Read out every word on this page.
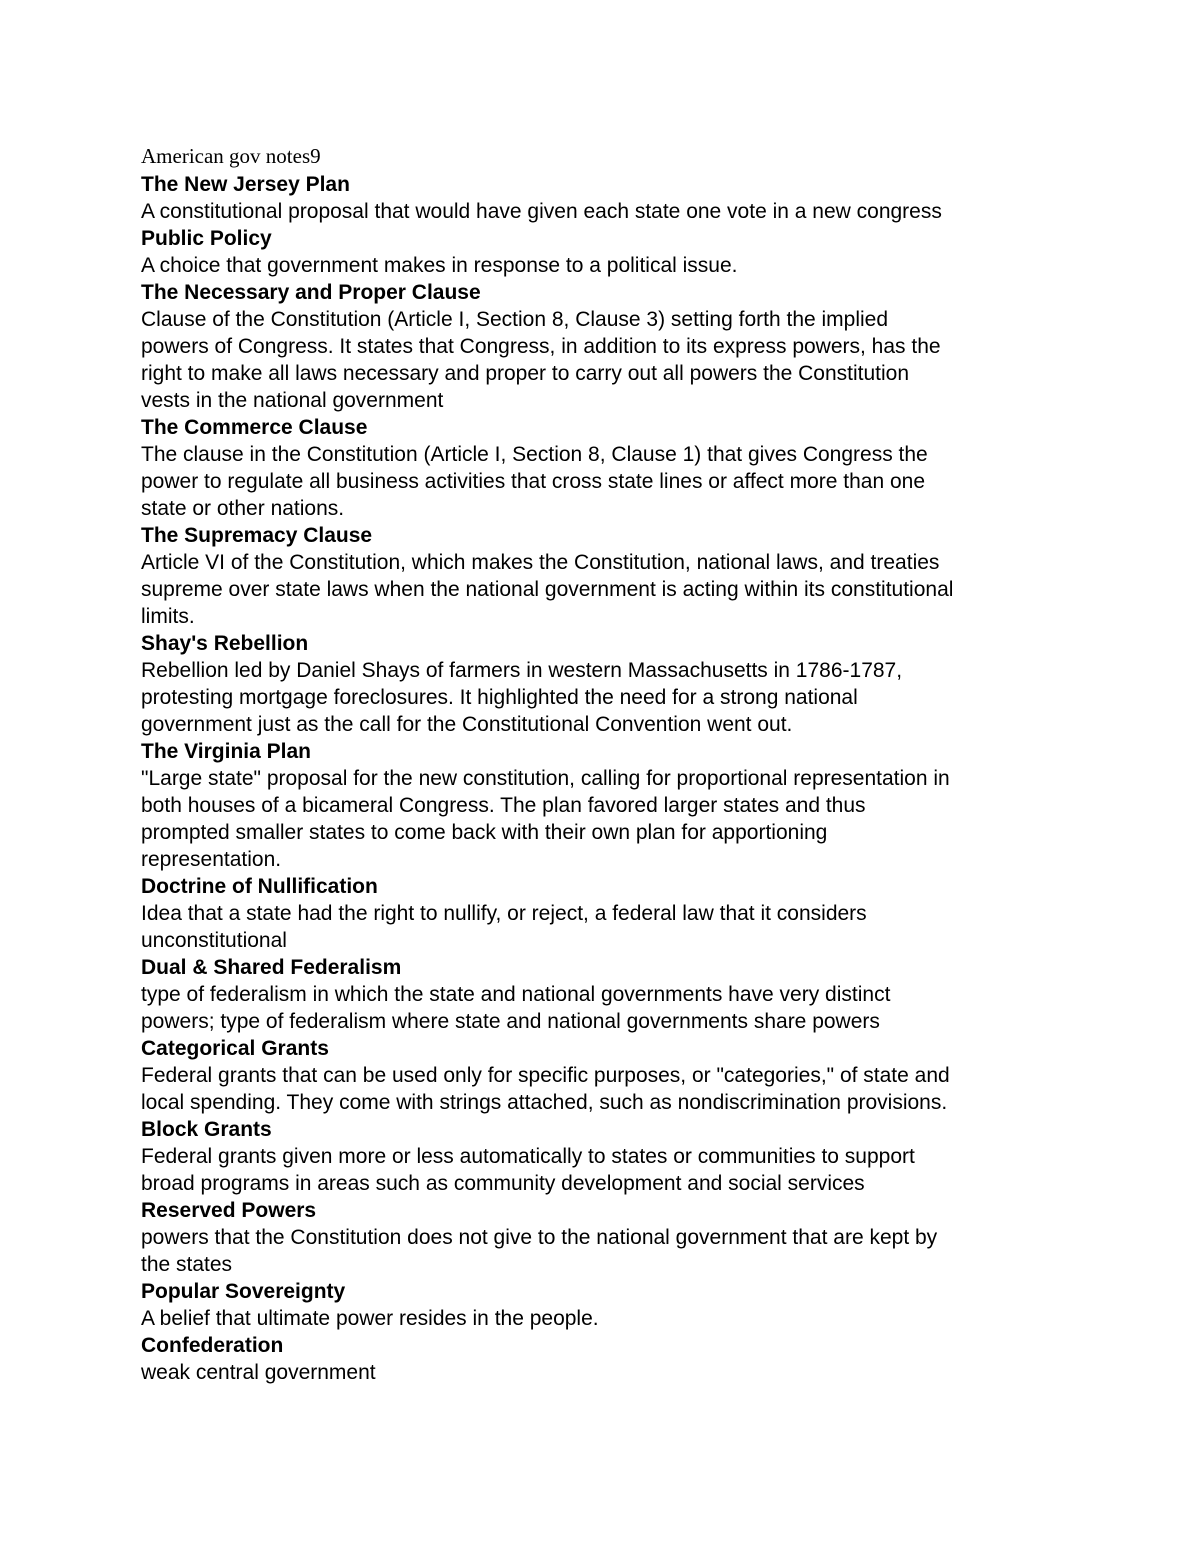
American gov notes9
The New Jersey Plan
A constitutional proposal that would have given each state one vote in a new congress
Public Policy
A choice that government makes in response to a political issue.
The Necessary and Proper Clause
Clause of the Constitution (Article I, Section 8, Clause 3) setting forth the implied
powers of Congress. It states that Congress, in addition to its express powers, has the
right to make all laws necessary and proper to carry out all powers the Constitution
vests in the national government
The Commerce Clause
The clause in the Constitution (Article I, Section 8, Clause 1) that gives Congress the
power to regulate all business activities that cross state lines or affect more than one
state or other nations.
The Supremacy Clause
Article VI of the Constitution, which makes the Constitution, national laws, and treaties
supreme over state laws when the national government is acting within its constitutional
limits.
Shay's Rebellion
Rebellion led by Daniel Shays of farmers in western Massachusetts in 1786-1787,
protesting mortgage foreclosures. It highlighted the need for a strong national
government just as the call for the Constitutional Convention went out.
The Virginia Plan
"Large state" proposal for the new constitution, calling for proportional representation in
both houses of a bicameral Congress. The plan favored larger states and thus
prompted smaller states to come back with their own plan for apportioning
representation.
Doctrine of Nullification
Idea that a state had the right to nullify, or reject, a federal law that it considers
unconstitutional
Dual & Shared Federalism
type of federalism in which the state and national governments have very distinct
powers; type of federalism where state and national governments share powers
Categorical Grants
Federal grants that can be used only for specific purposes, or "categories," of state and
local spending. They come with strings attached, such as nondiscrimination provisions.
Block Grants
Federal grants given more or less automatically to states or communities to support
broad programs in areas such as community development and social services
Reserved Powers
powers that the Constitution does not give to the national government that are kept by
the states
Popular Sovereignty
A belief that ultimate power resides in the people.
Confederation
weak central government
